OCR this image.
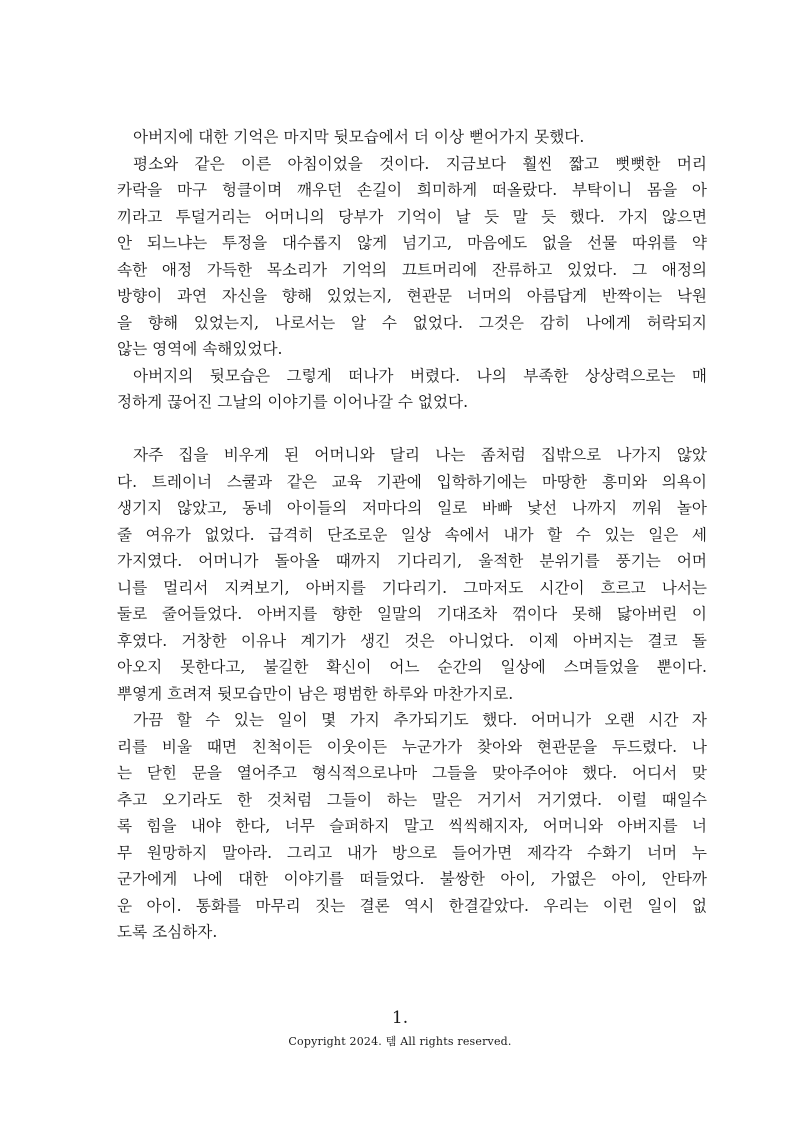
아버지에 대한 기억은 마지막 뒷모습에서 더 이상 뻗어가지 못했다.
평소와 같은 이른 아침이었을 것이다. 지금보다 훨씬 짧고 뻣뻣한 머리
카락을 마구 헝클이며 깨우던 손길이 희미하게 떠올랐다. 부탁이니 몸을 아
끼라고 투덜거리는 어머니의 당부가 기억이 날 듯 말 듯 했다. 가지 않으면
안 되느냐는 투정을 대수롭지 않게 넘기고, 마음에도 없을 선물 따위를 약
속한 애정 가득한 목소리가 기억의 끄트머리에 잔류하고 있었다. 그 애정의
방향이 과연 자신을 향해 있었는지, 현관문 너머의 아름답게 반짝이는 낙원
을 향해 있었는지, 나로서는 알 수 없었다. 그것은 감히 나에게 허락되지
않는 영역에 속해있었다.
아버지의 뒷모습은 그렇게 떠나가 버렸다. 나의 부족한 상상력으로는 매
정하게 끊어진 그날의 이야기를 이어나갈 수 없었다.
자주 집을 비우게 된 어머니와 달리 나는 좀처럼 집밖으로 나가지 않았
다. 트레이너 스쿨과 같은 교육 기관에 입학하기에는 마땅한 흥미와 의욕이
생기지 않았고, 동네 아이들의 저마다의 일로 바빠 낯선 나까지 끼워 놀아
줄 여유가 없었다. 급격히 단조로운 일상 속에서 내가 할 수 있는 일은 세
가지였다. 어머니가 돌아올 때까지 기다리기, 울적한 분위기를 풍기는 어머
니를 멀리서 지켜보기, 아버지를 기다리기. 그마저도 시간이 흐르고 나서는
둘로 줄어들었다. 아버지를 향한 일말의 기대조차 꺾이다 못해 닳아버린 이
후였다. 거창한 이유나 계기가 생긴 것은 아니었다. 이제 아버지는 결코 돌
아오지 못한다고, 불길한 확신이 어느 순간의 일상에 스며들었을 뿐이다.
뿌옇게 흐려져 뒷모습만이 남은 평범한 하루와 마찬가지로.
가끔 할 수 있는 일이 몇 가지 추가되기도 했다. 어머니가 오랜 시간 자
리를 비울 때면 친척이든 이웃이든 누군가가 찾아와 현관문을 두드렸다. 나
는 닫힌 문을 열어주고 형식적으로나마 그들을 맞아주어야 했다. 어디서 맞
추고 오기라도 한 것처럼 그들이 하는 말은 거기서 거기였다. 이럴 때일수
록 힘을 내야 한다, 너무 슬퍼하지 말고 씩씩해지자, 어머니와 아버지를 너
무 원망하지 말아라. 그리고 내가 방으로 들어가면 제각각 수화기 너머 누
군가에게 나에 대한 이야기를 떠들었다. 불쌍한 아이, 가엾은 아이, 안타까
운 아이. 통화를 마무리 짓는 결론 역시 한결같았다. 우리는 이런 일이 없
도록 조심하자.
1.
Copyright 2024. 템 All rights reserved.
